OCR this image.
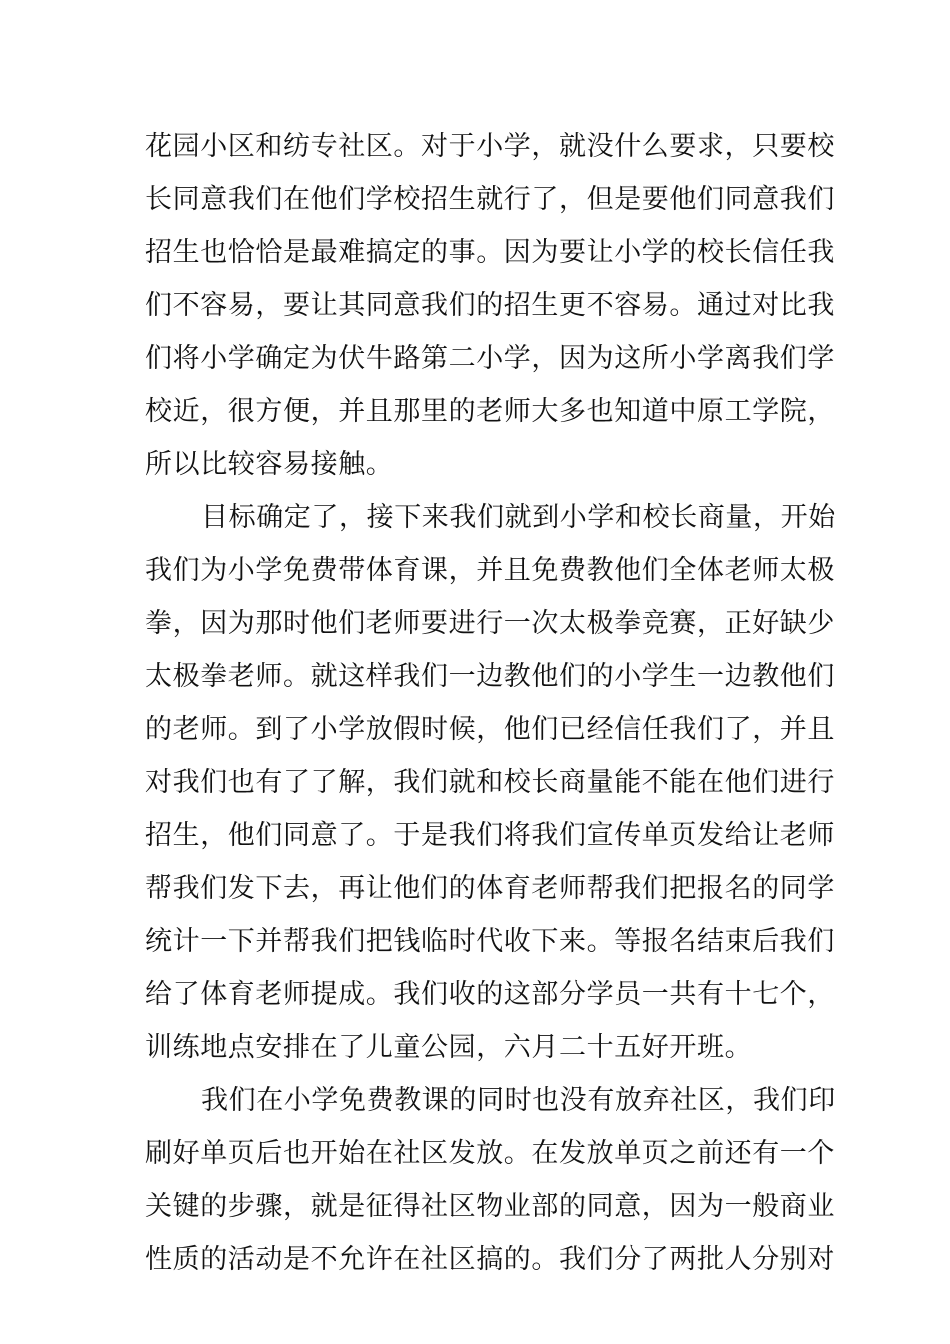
花园小区和纺专社区。对于小学，就没什么要求，只要校
长同意我们在他们学校招生就行了，但是要他们同意我们
招生也恰恰是最难搞定的事。因为要让小学的校长信任我
们不容易，要让其同意我们的招生更不容易。通过对比我
们将小学确定为伏牛路第二小学，因为这所小学离我们学
校近，很方便，并且那里的老师大多也知道中原工学院，
所以比较容易接触。
目标确定了，接下来我们就到小学和校长商量，开始
我们为小学免费带体育课，并且免费教他们全体老师太极
拳，因为那时他们老师要进行一次太极拳竞赛，正好缺少
太极拳老师。就这样我们一边教他们的小学生一边教他们
的老师。到了小学放假时候，他们已经信任我们了，并且
对我们也有了了解，我们就和校长商量能不能在他们进行
招生，他们同意了。于是我们将我们宣传单页发给让老师
帮我们发下去，再让他们的体育老师帮我们把报名的同学
统计一下并帮我们把钱临时代收下来。等报名结束后我们
给了体育老师提成。我们收的这部分学员一共有十七个，
训练地点安排在了儿童公园，六月二十五好开班。
我们在小学免费教课的同时也没有放弃社区，我们印
刷好单页后也开始在社区发放。在发放单页之前还有一个
关键的步骤，就是征得社区物业部的同意，因为一般商业
性质的活动是不允许在社区搞的。我们分了两批人分别对
